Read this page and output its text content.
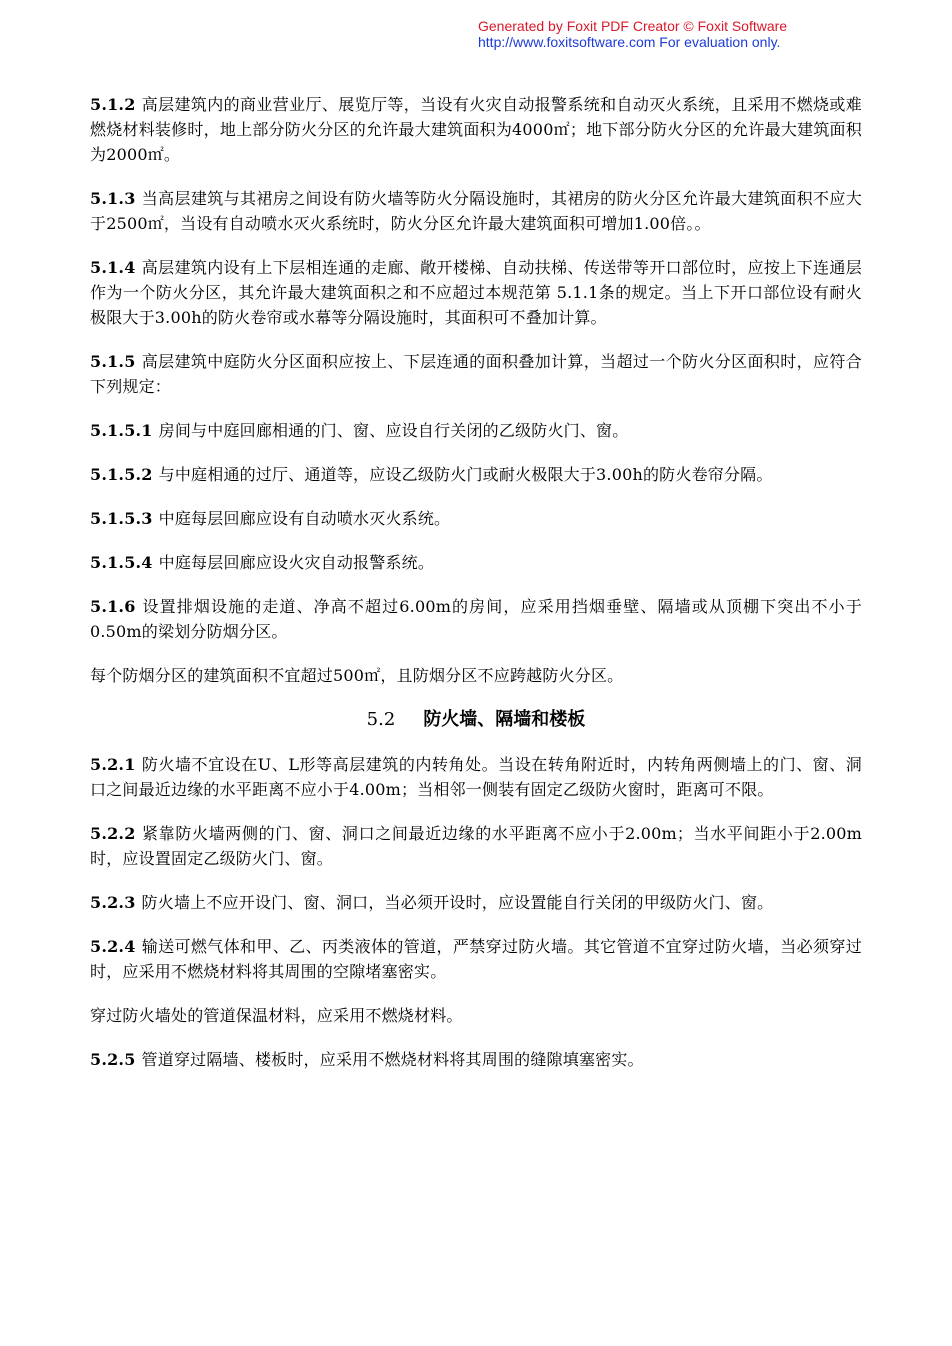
Generated by Foxit PDF Creator © Foxit Software
http://www.foxitsoftware.com For evaluation only.

5.1.2 高层建筑内的商业营业厅、展览厅等，当设有火灾自动报警系统和自动灭火系统，且采用不燃烧或难燃烧材料装修时，地上部分防火分区的允许最大建筑面积为4000㎡；地下部分防火分区的允许最大建筑面积为2000㎡。

5.1.3 当高层建筑与其裙房之间设有防火墙等防火分隔设施时，其裙房的防火分区允许最大建筑面积不应大于2500㎡，当设有自动喷水灭火系统时，防火分区允许最大建筑面积可增加1.00倍。。

5.1.4 高层建筑内设有上下层相连通的走廊、敞开楼梯、自动扶梯、传送带等开口部位时，应按上下连通层作为一个防火分区，其允许最大建筑面积之和不应超过本规范第 5.1.1条的规定。当上下开口部位设有耐火极限大于3.00h的防火卷帘或水幕等分隔设施时，其面积可不叠加计算。

5.1.5 高层建筑中庭防火分区面积应按上、下层连通的面积叠加计算，当超过一个防火分区面积时，应符合下列规定：

5.1.5.1 房间与中庭回廊相通的门、窗、应设自行关闭的乙级防火门、窗。

5.1.5.2 与中庭相通的过厅、通道等，应设乙级防火门或耐火极限大于3.00h的防火卷帘分隔。

5.1.5.3 中庭每层回廊应设有自动喷水灭火系统。

5.1.5.4 中庭每层回廊应设火灾自动报警系统。

5.1.6 设置排烟设施的走道、净高不超过6.00m的房间，应采用挡烟垂壁、隔墙或从顶棚下突出不小于0.50m的梁划分防烟分区。

每个防烟分区的建筑面积不宜超过500㎡，且防烟分区不应跨越防火分区。

5.2 防火墙、隔墙和楼板

5.2.1 防火墙不宜设在U、L形等高层建筑的内转角处。当设在转角附近时，内转角两侧墙上的门、窗、洞口之间最近边缘的水平距离不应小于4.00m；当相邻一侧装有固定乙级防火窗时，距离可不限。

5.2.2 紧靠防火墙两侧的门、窗、洞口之间最近边缘的水平距离不应小于2.00m；当水平间距小于2.00m时，应设置固定乙级防火门、窗。

5.2.3 防火墙上不应开设门、窗、洞口，当必须开设时，应设置能自行关闭的甲级防火门、窗。

5.2.4 输送可燃气体和甲、乙、丙类液体的管道，严禁穿过防火墙。其它管道不宜穿过防火墙，当必须穿过时，应采用不燃烧材料将其周围的空隙堵塞密实。

穿过防火墙处的管道保温材料，应采用不燃烧材料。

5.2.5 管道穿过隔墙、楼板时，应采用不燃烧材料将其周围的缝隙填塞密实。
